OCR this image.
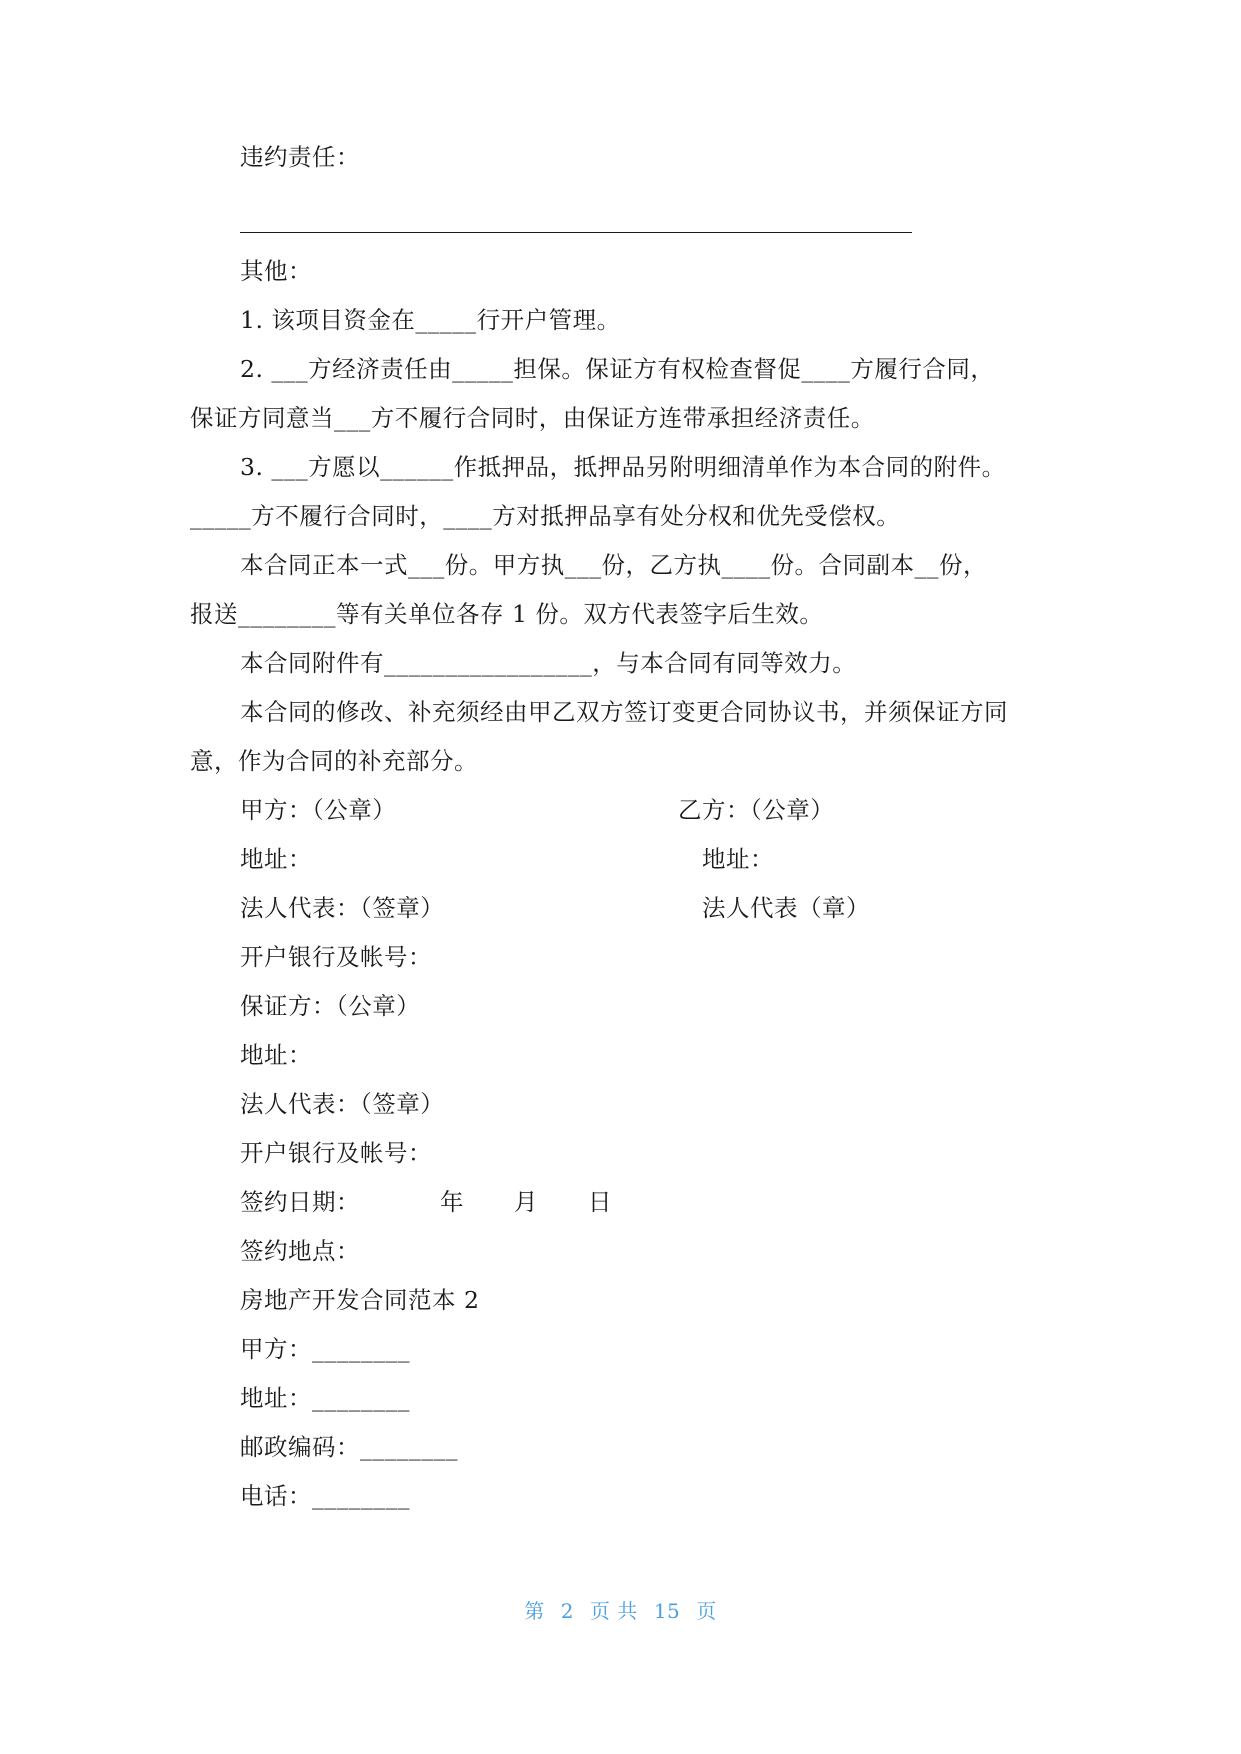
违约责任：
其他：
1. 该项目资金在_____行开户管理。
2. ___方经济责任由_____担保。保证方有权检查督促____方履行合同，
保证方同意当___方不履行合同时，由保证方连带承担经济责任。
3. ___方愿以______作抵押品，抵押品另附明细清单作为本合同的附件。
_____方不履行合同时，____方对抵押品享有处分权和优先受偿权。
本合同正本一式___份。甲方执___份，乙方执____份。合同副本__份，
报送________等有关单位各存 1 份。双方代表签字后生效。
本合同附件有_________________，与本合同有同等效力。
本合同的修改、补充须经由甲乙双方签订变更合同协议书，并须保证方同
意，作为合同的补充部分。
甲方：（公章）	乙方：（公章）
地址：	地址：
法人代表：（签章）	法人代表（章）
开户银行及帐号：
保证方：（公章）
地址：
法人代表：（签章）
开户银行及帐号：
签约日期：	年 月 日
签约地点：
房地产开发合同范本 2
甲方：________
地址：________
邮政编码：________
电话：________
第 2 页 共 15 页
